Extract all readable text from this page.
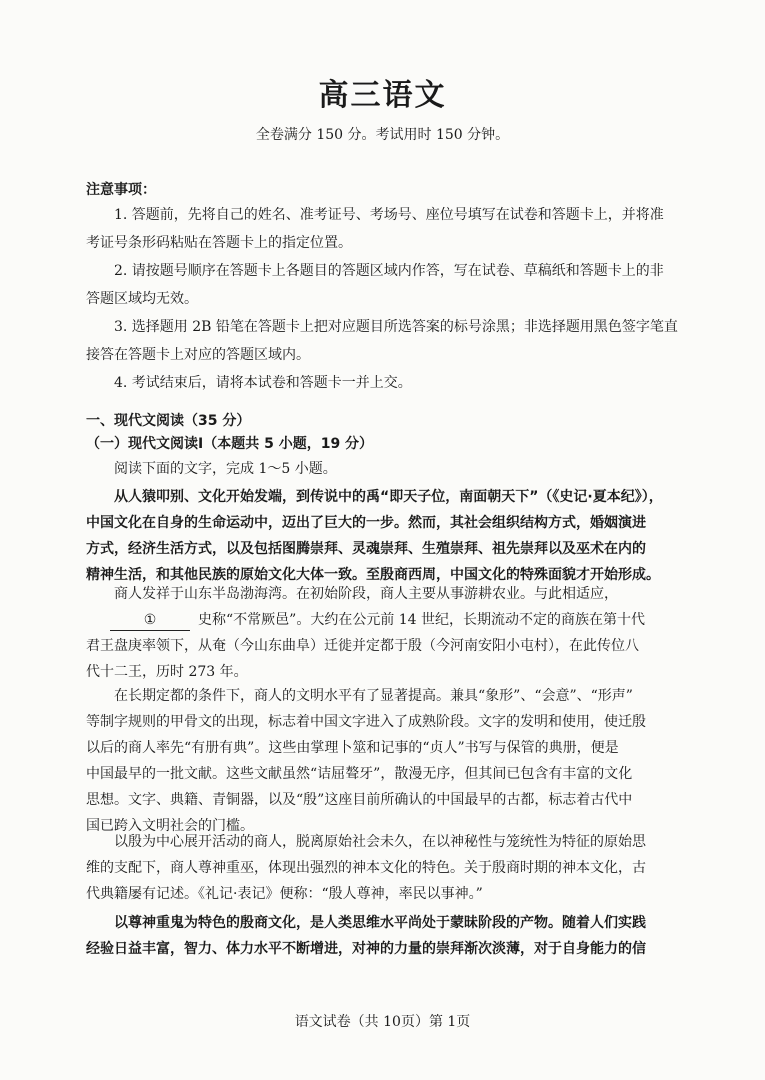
高三语文
全卷满分 150 分。考试用时 150 分钟。
注意事项：
1. 答题前，先将自己的姓名、准考证号、考场号、座位号填写在试卷和答题卡上，并将准
考证号条形码粘贴在答题卡上的指定位置。
2. 请按题号顺序在答题卡上各题目的答题区域内作答，写在试卷、草稿纸和答题卡上的非
答题区域均无效。
3. 选择题用 2B 铅笔在答题卡上把对应题目所选答案的标号涂黑；非选择题用黑色签字笔直
接答在答题卡上对应的答题区域内。
4. 考试结束后，请将本试卷和答题卡一并上交。
一、现代文阅读（35 分）
（一）现代文阅读Ⅰ（本题共 5 小题，19 分）
阅读下面的文字，完成 1～5 小题。
从人猿叩别、文化开始发端，到传说中的禹“即天子位，南面朝天下”（《史记·夏本纪》），
中国文化在自身的生命运动中，迈出了巨大的一步。然而，其社会组织结构方式，婚姻演进
方式，经济生活方式，以及包括图腾崇拜、灵魂崇拜、生殖崇拜、祖先崇拜以及巫术在内的
精神生活，和其他民族的原始文化大体一致。至殷商西周，中国文化的特殊面貌才开始形成。
商人发祥于山东半岛渤海湾。在初始阶段，商人主要从事游耕农业。与此相适应，
①	史称“不常厥邑”。大约在公元前 14 世纪，长期流动不定的商族在第十代
君王盘庚率领下，从奄（今山东曲阜）迁徙并定都于殷（今河南安阳小屯村），在此传位八
代十二王，历时 273 年。
在长期定都的条件下，商人的文明水平有了显著提高。兼具“象形”、“会意”、“形声”
等制字规则的甲骨文的出现，标志着中国文字进入了成熟阶段。文字的发明和使用，使迁殷
以后的商人率先“有册有典”。这些由掌理卜筮和记事的“贞人”书写与保管的典册，便是
中国最早的一批文献。这些文献虽然“诘屈聱牙”，散漫无序，但其间已包含有丰富的文化
思想。文字、典籍、青铜器，以及“殷”这座目前所确认的中国最早的古都，标志着古代中
国已跨入文明社会的门槛。
以殷为中心展开活动的商人，脱离原始社会未久，在以神秘性与笼统性为特征的原始思
维的支配下，商人尊神重巫，体现出强烈的神本文化的特色。关于殷商时期的神本文化，古
代典籍屡有记述。《礼记·表记》便称：“殷人尊神，率民以事神。”
以尊神重鬼为特色的殷商文化，是人类思维水平尚处于蒙昧阶段的产物。随着人们实践
经验日益丰富，智力、体力水平不断增进，对神的力量的崇拜渐次淡薄，对于自身能力的信
语文试卷（共 10页）第 1页
